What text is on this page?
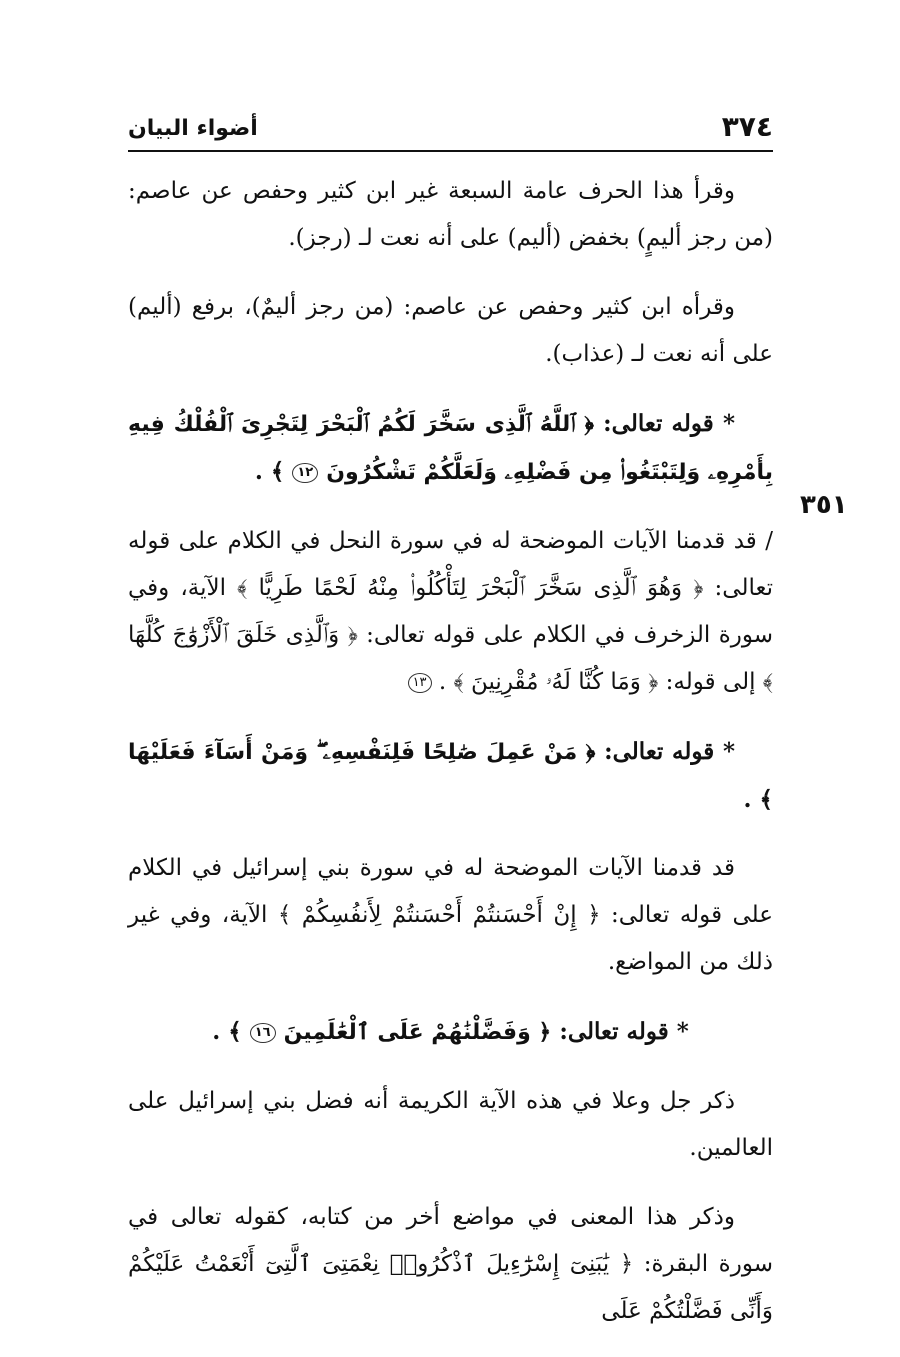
٣٧٤
أضواء البيان
٣٥١

وقرأ هذا الحرف عامة السبعة غير ابن كثير وحفص عن عاصم: (من رجز أليمٍ) بخفض (أليم) على أنه نعت لـ (رجز).

وقرأه ابن كثير وحفص عن عاصم: (من رجز أليمٌ)، برفع (أليم) على أنه نعت لـ (عذاب).

* قوله تعالى: ﴿ ٱللَّهُ ٱلَّذِى سَخَّرَ لَكُمُ ٱلْبَحْرَ لِتَجْرِىَ ٱلْفُلْكُ فِيهِ بِأَمْرِهِۦ وَلِتَبْتَغُوا۟ مِن فَضْلِهِۦ وَلَعَلَّكُمْ تَشْكُرُونَ ١٢ ﴾ .

/ قد قدمنا الآيات الموضحة له في سورة النحل في الكلام على قوله تعالى: ﴿ وَهُوَ ٱلَّذِى سَخَّرَ ٱلْبَحْرَ لِتَأْكُلُوا۟ مِنْهُ لَحْمًا طَرِيًّا ﴾ الآية، وفي سورة الزخرف في الكلام على قوله تعالى: ﴿ وَٱلَّذِى خَلَقَ ٱلْأَزْوَٰجَ كُلَّهَا ﴾ إلى قوله: ﴿ وَمَا كُنَّا لَهُۥ مُقْرِنِينَ ﴾ . ١٣

* قوله تعالى: ﴿ مَنْ عَمِلَ صَٰلِحًا فَلِنَفْسِهِۦ ۖ وَمَنْ أَسَآءَ فَعَلَيْهَا ﴾ .

قد قدمنا الآيات الموضحة له في سورة بني إسرائيل في الكلام على قوله تعالى: ﴿ إِنْ أَحْسَنتُمْ أَحْسَنتُمْ لِأَنفُسِكُمْ ﴾ الآية، وفي غير ذلك من المواضع.

* قوله تعالى: ﴿ وَفَضَّلْنَٰهُمْ عَلَى ٱلْعَٰلَمِينَ ١٦ ﴾ .

ذكر جل وعلا في هذه الآية الكريمة أنه فضل بني إسرائيل على العالمين.

وذكر هذا المعنى في مواضع أخر من كتابه، كقوله تعالى في سورة البقرة: ﴿ يَٰبَنِىٓ إِسْرَٰٓءِيلَ ٱذْكُرُوا۟ نِعْمَتِىَ ٱلَّتِىٓ أَنْعَمْتُ عَلَيْكُمْ وَأَنِّى فَضَّلْتُكُمْ عَلَى
